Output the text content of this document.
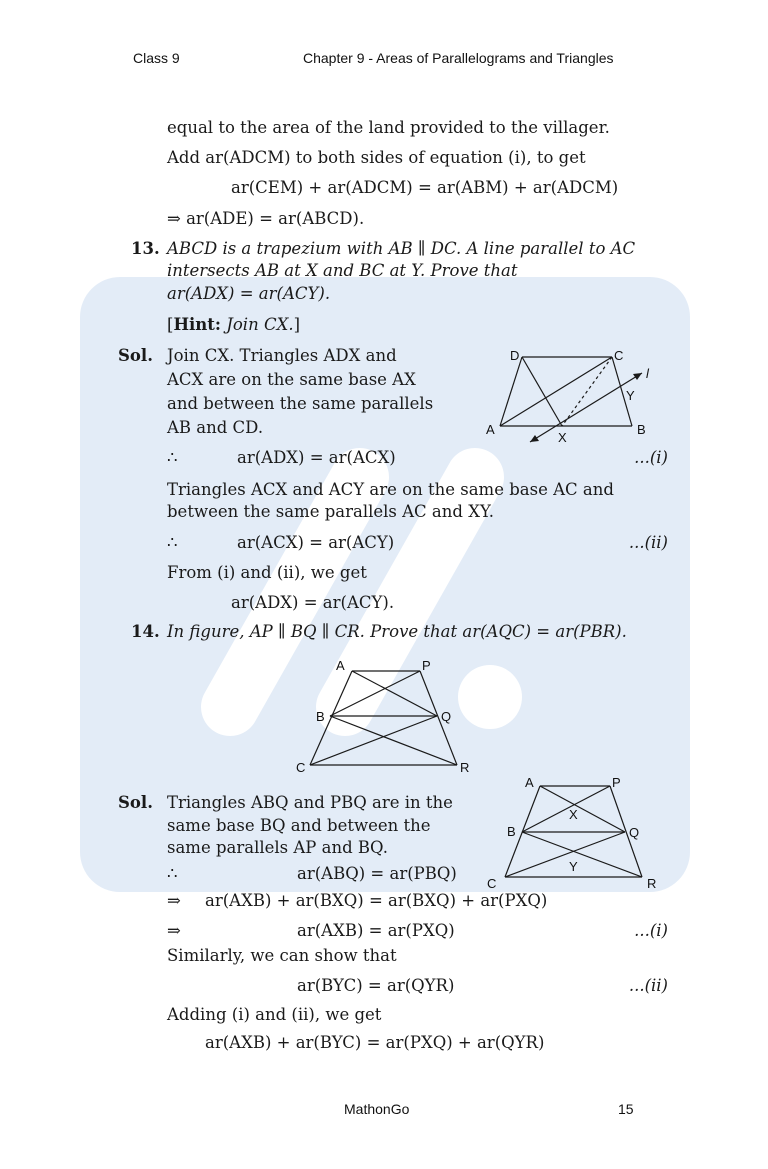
Class 9	Chapter 9 - Areas of Parallelograms and Triangles
equal to the area of the land provided to the villager.
Add ar(ADCM) to both sides of equation (i), to get
ar(CEM) + ar(ADCM) = ar(ABM) + ar(ADCM)
⇒ ar(ADE) = ar(ABCD).
13. ABCD is a trapezium with AB ∥ DC. A line parallel to AC
intersects AB at X and BC at Y. Prove that
ar(ADX) = ar(ACY).
[Hint: Join CX.]
Sol. Join CX. Triangles ADX and
ACX are on the same base AX
and between the same parallels
AB and CD.
D	C
A	B
X
Y
l
∴	ar(ADX) = ar(ACX)	...(i)
Triangles ACX and ACY are on the same base AC and
between the same parallels AC and XY.
∴	ar(ACX) = ar(ACY)	...(ii)
From (i) and (ii), we get
ar(ADX) = ar(ACY).
14. In figure, AP ∥ BQ ∥ CR. Prove that ar(AQC) = ar(PBR).
A	P
B	Q
C	R
Sol. Triangles ABQ and PBQ are in the
same base BQ and between the
same parallels AP and BQ.
A	P
B	Q
C	R
X
Y
∴	ar(ABQ) = ar(PBQ)
⇒ ar(AXB) + ar(BXQ) = ar(BXQ) + ar(PXQ)
⇒	ar(AXB) = ar(PXQ)	...(i)
Similarly, we can show that
ar(BYC) = ar(QYR)	...(ii)
Adding (i) and (ii), we get
ar(AXB) + ar(BYC) = ar(PXQ) + ar(QYR)
MathonGo	15
